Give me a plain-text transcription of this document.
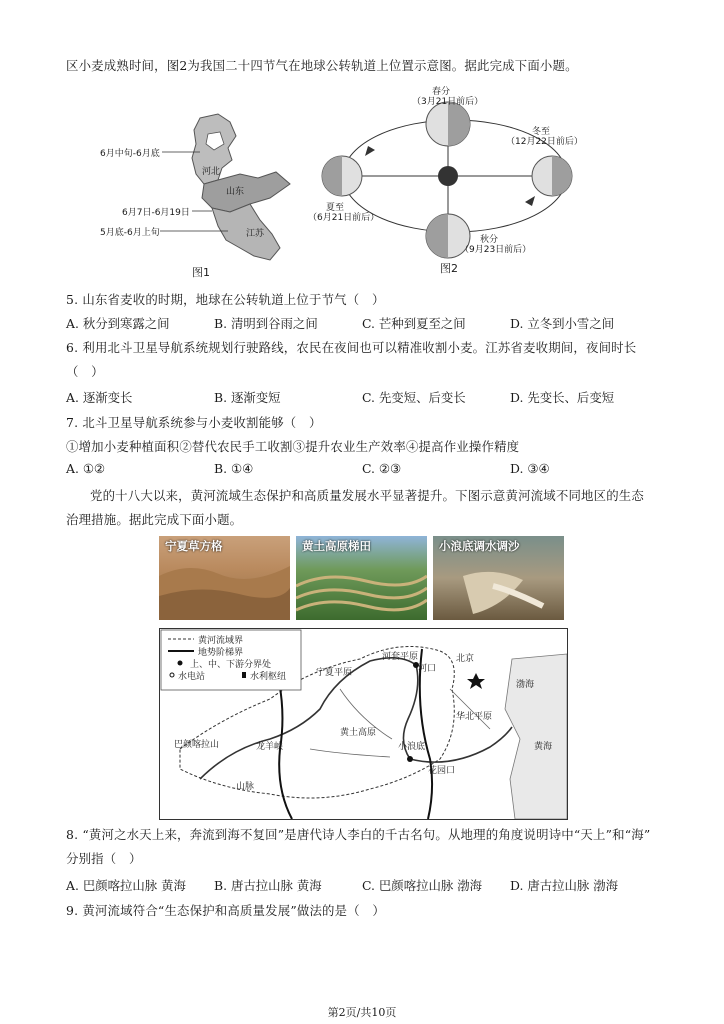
区小麦成熟时间，图2为我国二十四节气在地球公转轨道上位置示意图。据此完成下面小题。
6月中旬-6月底
6月7日-6月19日
5月底-6月上旬
河北
山东
江苏
图1
春分
（3月21日前后）
冬至
（12月22日前后）
夏至
（6月21日前后）
秋分
（9月23日前后）
图2
5. 山东省麦收的时期，地球在公转轨道上位于节气（　）
A. 秋分到寒露之间	B. 清明到谷雨之间	C. 芒种到夏至之间	D. 立冬到小雪之间
6. 利用北斗卫星导航系统规划行驶路线，农民在夜间也可以精准收割小麦。江苏省麦收期间，夜间时长
（　）
A. 逐渐变长	B. 逐渐变短	C. 先变短、后变长	D. 先变长、后变短
7. 北斗卫星导航系统参与小麦收割能够（　）
①增加小麦种植面积②替代农民手工收割③提升农业生产效率④提高作业操作精度
A. ①②	B. ①④	C. ②③	D. ③④
党的十八大以来，黄河流域生态保护和高质量发展水平显著提升。下图示意黄河流域不同地区的生态
治理措施。据此完成下面小题。
宁夏草方格	黄土高原梯田	小浪底调水调沙
黄河流域界
地势阶梯界
上、中、下游分界处
水电站	水利枢纽	宁夏平原
河套平原
河口
北京
渤海
黄海
巴颜喀拉山	龙羊峡
黄土高原
小浪底
花园口
华北平原
山脉
8. “黄河之水天上来，奔流到海不复回”是唐代诗人李白的千古名句。从地理的角度说明诗中“天上”和“海”
分别指（　）
A. 巴颜喀拉山脉 黄海 B. 唐古拉山脉 黄海	C. 巴颜喀拉山脉 渤海 D. 唐古拉山脉 渤海
9. 黄河流域符合“生态保护和高质量发展”做法的是（　）
第2页/共10页
